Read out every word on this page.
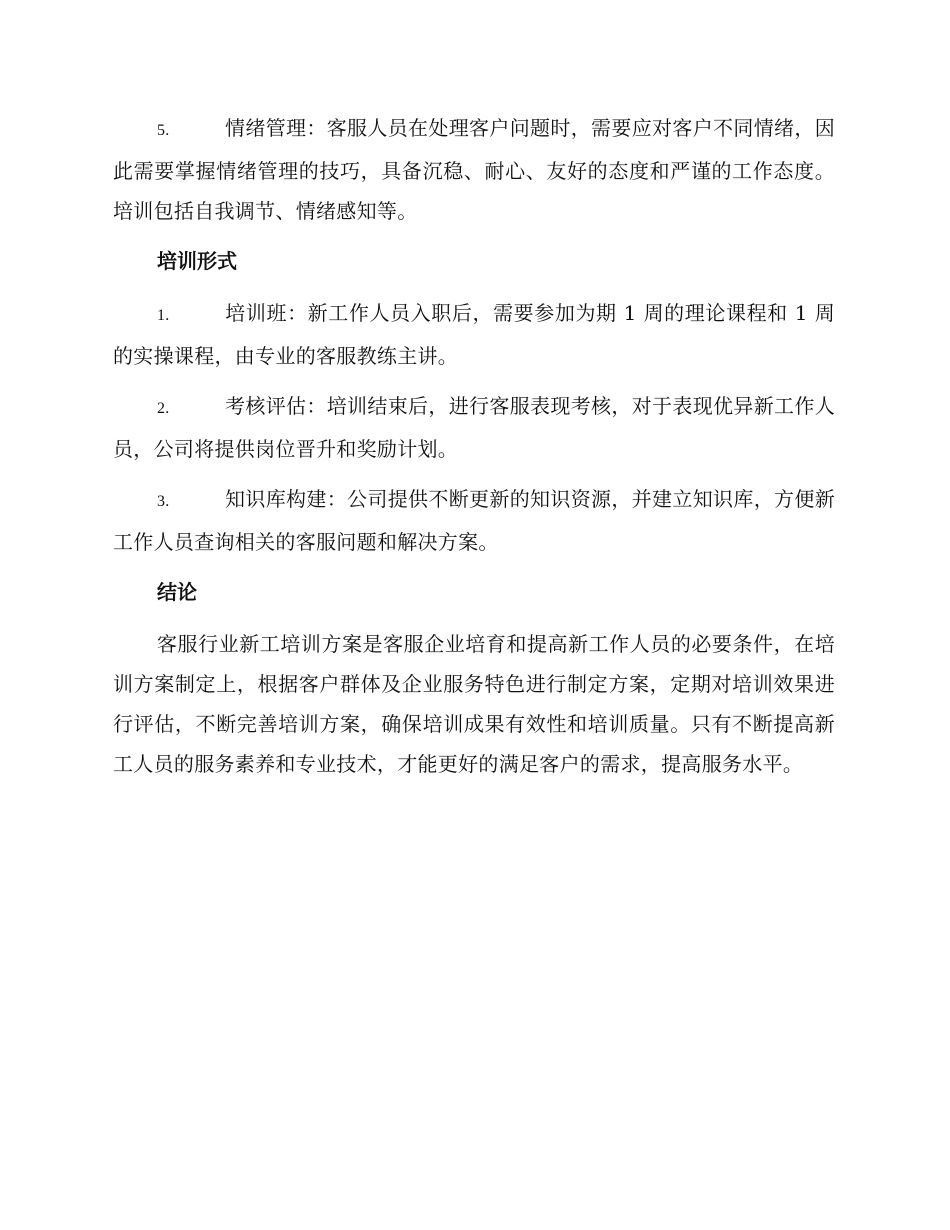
5.	情绪管理：客服人员在处理客户问题时，需要应对客户不同情绪，因此需要掌握情绪管理的技巧，具备沉稳、耐心、友好的态度和严谨的工作态度。培训包括自我调节、情绪感知等。

培训形式

1.	培训班：新工作人员入职后，需要参加为期 1 周的理论课程和 1 周的实操课程，由专业的客服教练主讲。

2.	考核评估：培训结束后，进行客服表现考核，对于表现优异新工作人员，公司将提供岗位晋升和奖励计划。

3.	知识库构建：公司提供不断更新的知识资源，并建立知识库，方便新工作人员查询相关的客服问题和解决方案。

结论

客服行业新工培训方案是客服企业培育和提高新工作人员的必要条件，在培训方案制定上，根据客户群体及企业服务特色进行制定方案，定期对培训效果进行评估，不断完善培训方案，确保培训成果有效性和培训质量。只有不断提高新工人员的服务素养和专业技术，才能更好的满足客户的需求，提高服务水平。
